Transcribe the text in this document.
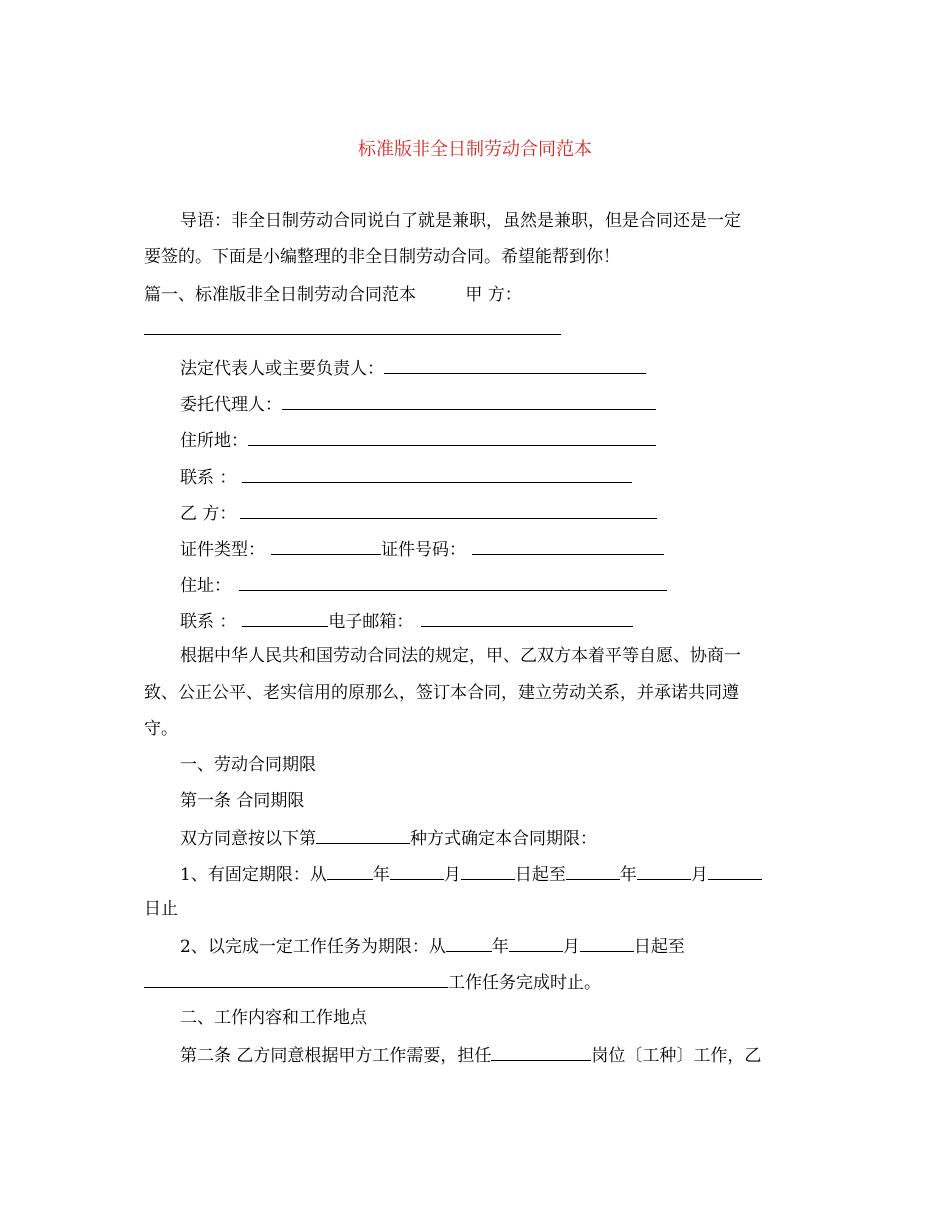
标准版非全日制劳动合同范本
导语：非全日制劳动合同说白了就是兼职，虽然是兼职，但是合同还是一定
要签的。下面是小编整理的非全日制劳动合同。希望能帮到你！
篇一、标准版非全日制劳动合同范本	甲 方：
法定代表人或主要负责人：
委托代理人：
住所地：
联系 ：
乙 方：
证件类型：	证件号码：
住址：
联系 ：	电子邮箱：
根据中华人民共和国劳动合同法的规定，甲、乙双方本着平等自愿、协商一
致、公正公平、老实信用的原那么，签订本合同，建立劳动关系，并承诺共同遵
守。
一、劳动合同期限
第一条 合同期限
双方同意按以下第	种方式确定本合同期限：
1、有固定期限：从	年	月	日起至	年	月
日止
2、以完成一定工作任务为期限：从	年	月	日起至
工作任务完成时止。
二、工作内容和工作地点
第二条 乙方同意根据甲方工作需要，担任	岗位〔工种〕工作，乙
